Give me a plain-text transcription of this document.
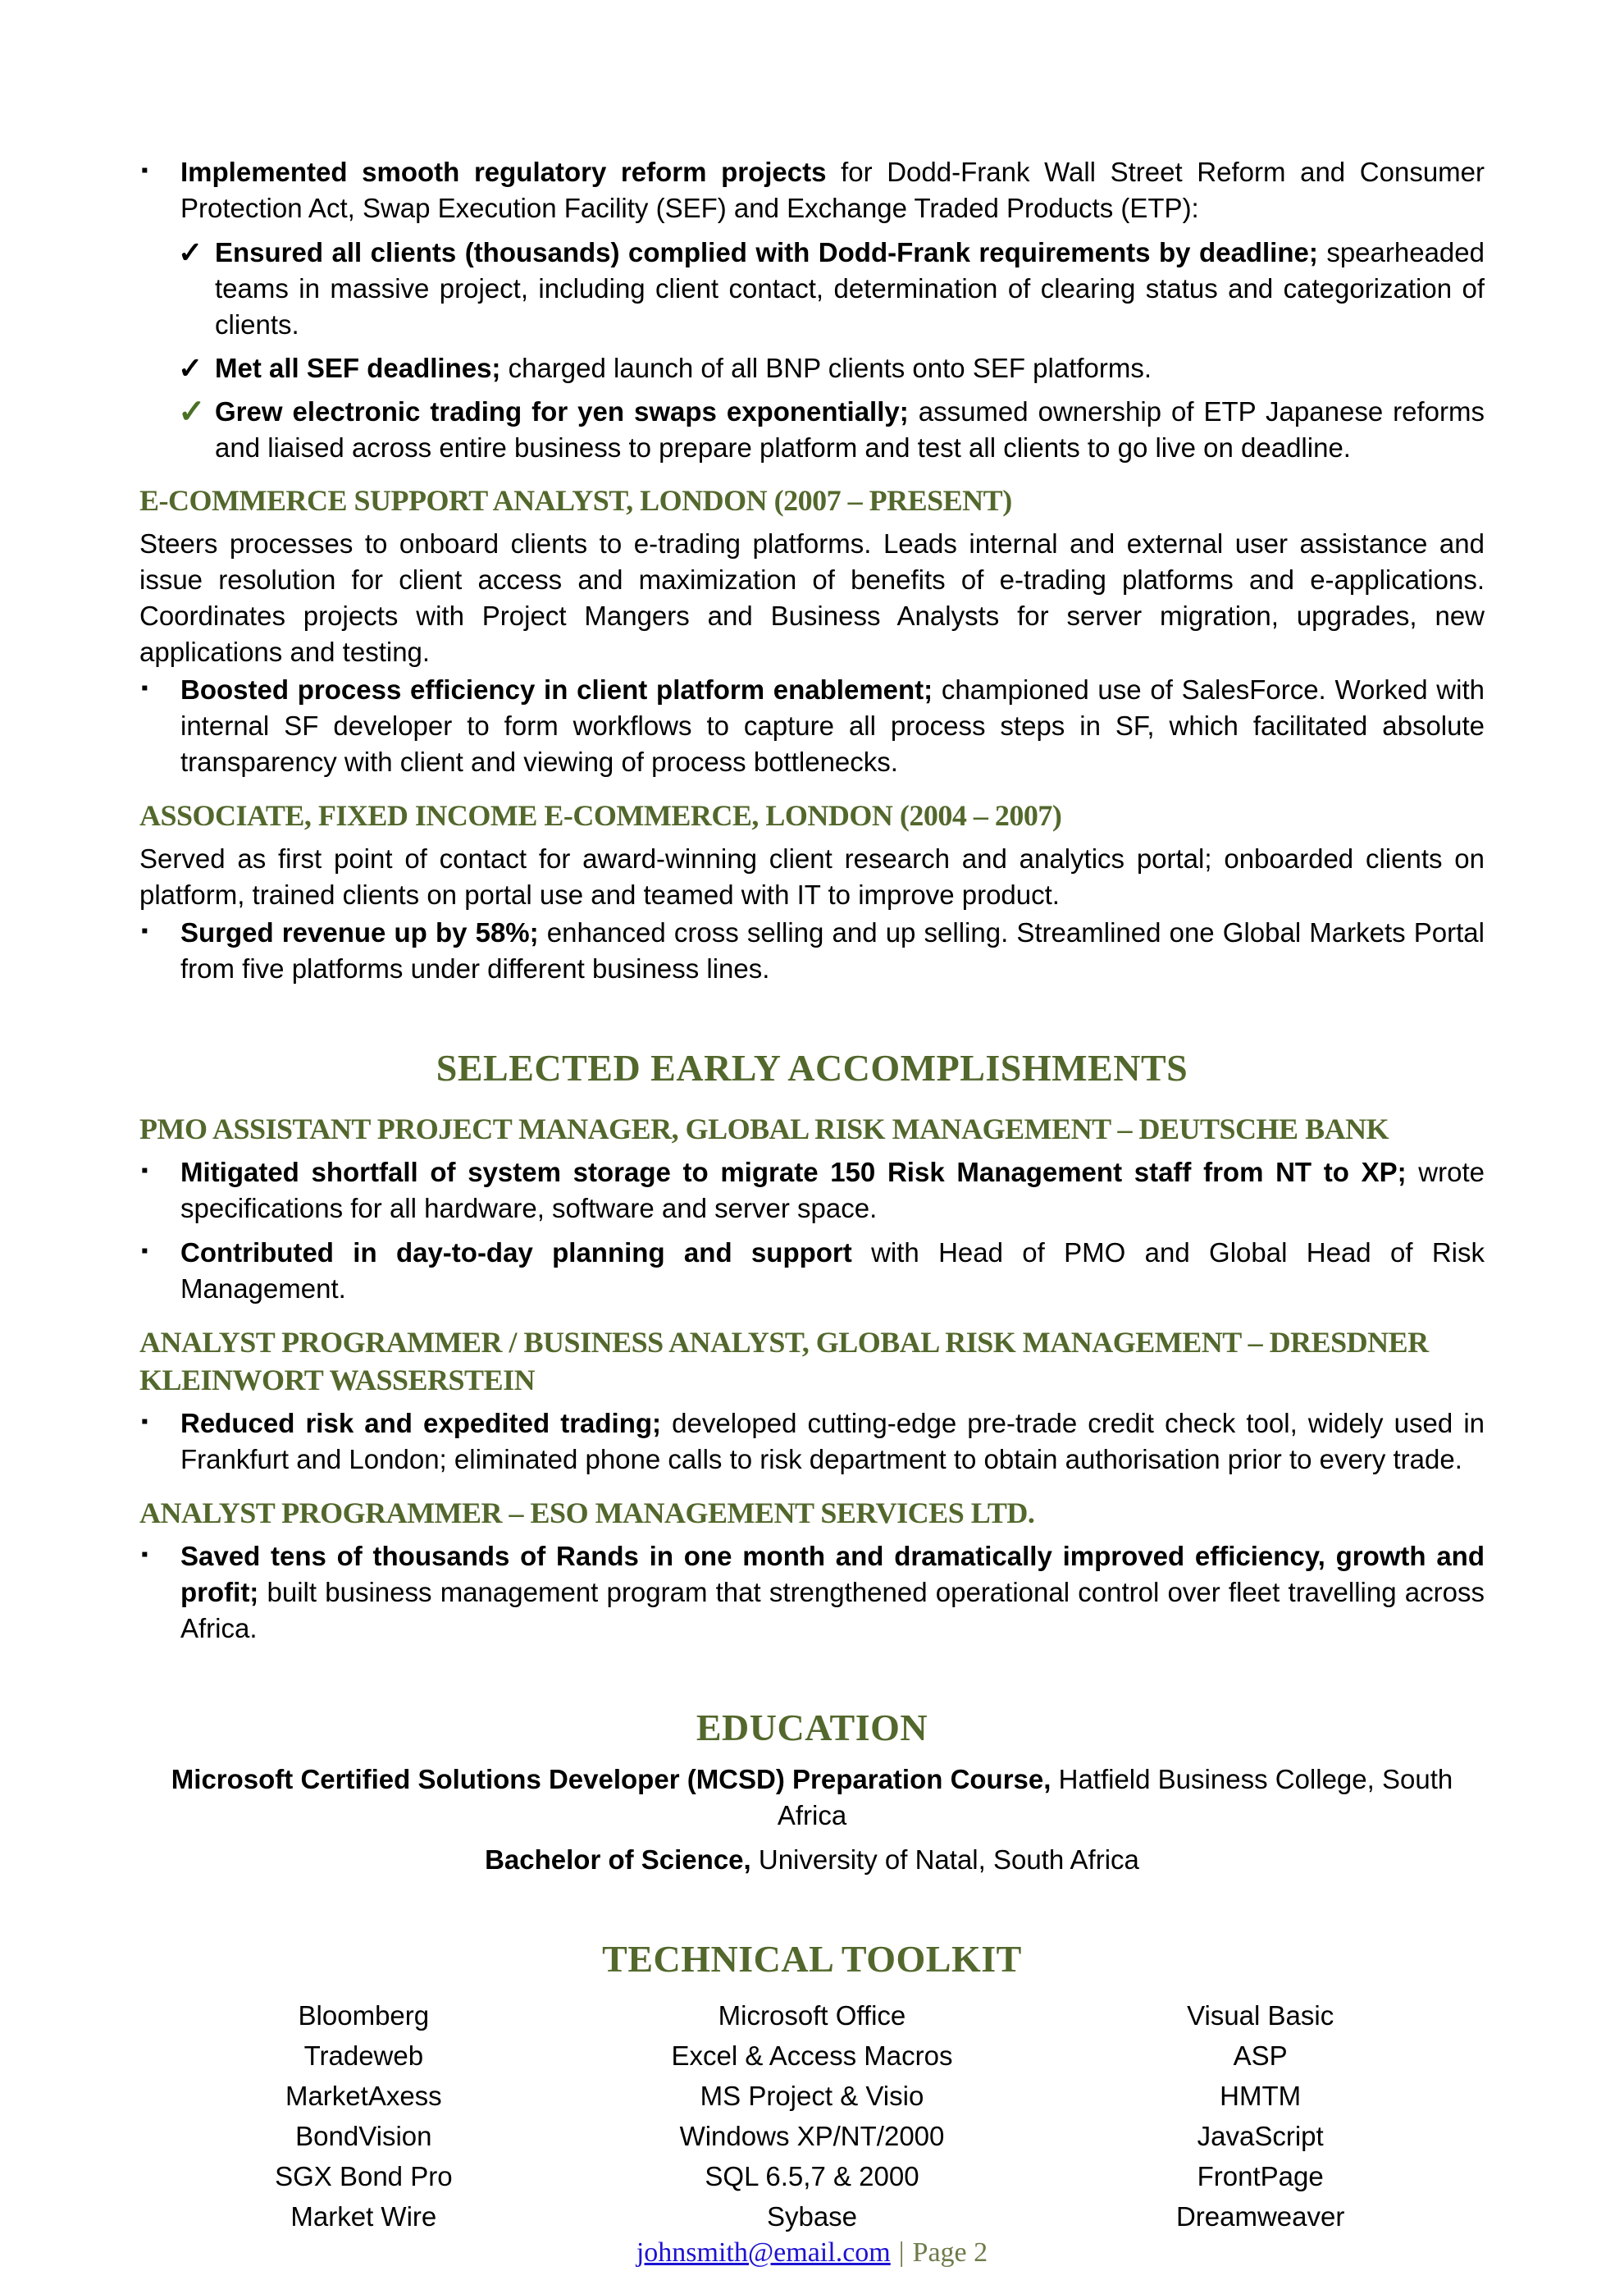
▪ Implemented smooth regulatory reform projects for Dodd-Frank Wall Street Reform and Consumer Protection Act, Swap Execution Facility (SEF) and Exchange Traded Products (ETP):
✓ Ensured all clients (thousands) complied with Dodd-Frank requirements by deadline; spearheaded teams in massive project, including client contact, determination of clearing status and categorization of clients.
✓ Met all SEF deadlines; charged launch of all BNP clients onto SEF platforms.
✓ Grew electronic trading for yen swaps exponentially; assumed ownership of ETP Japanese reforms and liaised across entire business to prepare platform and test all clients to go live on deadline.
E-COMMERCE SUPPORT ANALYST, LONDON (2007 – PRESENT)

Steers processes to onboard clients to e-trading platforms. Leads internal and external user assistance and issue resolution for client access and maximization of benefits of e-trading platforms and e-applications. Coordinates projects with Project Mangers and Business Analysts for server migration, upgrades, new applications and testing.

▪ Boosted process efficiency in client platform enablement; championed use of SalesForce. Worked with internal SF developer to form workflows to capture all process steps in SF, which facilitated absolute transparency with client and viewing of process bottlenecks.
ASSOCIATE, FIXED INCOME E-COMMERCE, LONDON (2004 – 2007)

Served as first point of contact for award-winning client research and analytics portal; onboarded clients on platform, trained clients on portal use and teamed with IT to improve product.

▪ Surged revenue up by 58%; enhanced cross selling and up selling. Streamlined one Global Markets Portal from five platforms under different business lines.
SELECTED EARLY ACCOMPLISHMENTS
PMO ASSISTANT PROJECT MANAGER, GLOBAL RISK MANAGEMENT – DEUTSCHE BANK
▪ Mitigated shortfall of system storage to migrate 150 Risk Management staff from NT to XP; wrote specifications for all hardware, software and server space.
▪ Contributed in day-to-day planning and support with Head of PMO and Global Head of Risk Management.
ANALYST PROGRAMMER / BUSINESS ANALYST, GLOBAL RISK MANAGEMENT – DRESDNER KLEINWORT WASSERSTEIN
▪ Reduced risk and expedited trading; developed cutting-edge pre-trade credit check tool, widely used in Frankfurt and London; eliminated phone calls to risk department to obtain authorisation prior to every trade.
ANALYST PROGRAMMER – ESO MANAGEMENT SERVICES LTD.
▪ Saved tens of thousands of Rands in one month and dramatically improved efficiency, growth and profit; built business management program that strengthened operational control over fleet travelling across Africa.
EDUCATION

Microsoft Certified Solutions Developer (MCSD) Preparation Course, Hatfield Business College, South Africa

Bachelor of Science, University of Natal, South Africa

TECHNICAL TOOLKIT
Bloomberg	Microsoft Office	Visual Basic
Tradeweb	Excel & Access Macros	ASP
MarketAxess	MS Project & Visio	HMTM
BondVision	Windows XP/NT/2000	JavaScript
SGX Bond Pro	SQL 6.5,7 & 2000	FrontPage
Market Wire	Sybase	Dreamweaver
johnsmith@email.com | Page 2
